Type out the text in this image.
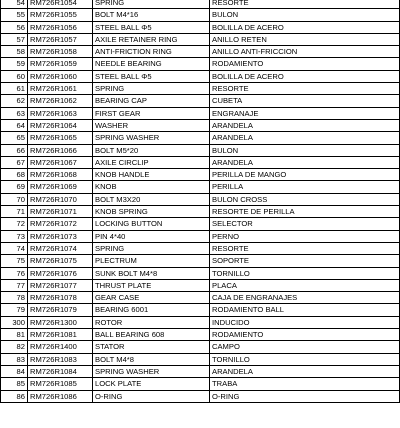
54	RM726R1054	SPRING	RESORTE
55	RM726R1055	BOLT M4*16	BULON
56	RM726R1056	STEEL BALL Φ5	BOLILLA DE ACERO
57	RM726R1057	AXILE RETAINER RING	ANILLO RETEN
58	RM726R1058	ANTI-FRICTION RING	ANILLO ANTI-FRICCION
59	RM726R1059	NEEDLE BEARING	RODAMIENTO
60	RM726R1060	STEEL BALL Φ5	BOLILLA DE ACERO
61	RM726R1061	SPRING	RESORTE
62	RM726R1062	BEARING CAP	CUBETA
63	RM726R1063	FIRST GEAR	ENGRANAJE
64	RM726R1064	WASHER	ARANDELA
65	RM726R1065	SPRING WASHER	ARANDELA
66	RM726R1066	BOLT M5*20	BULON
67	RM726R1067	AXILE CIRCLIP	ARANDELA
68	RM726R1068	KNOB HANDLE	PERILLA DE MANGO
69	RM726R1069	KNOB	PERILLA
70	RM726R1070	BOLT M3X20	BULON CROSS
71	RM726R1071	KNOB SPRING	RESORTE DE PERILLA
72	RM726R1072	LOCKING BUTTON	SELECTOR
73	RM726R1073	PIN 4*40	PERNO
74	RM726R1074	SPRING	RESORTE
75	RM726R1075	PLECTRUM	SOPORTE
76	RM726R1076	SUNK BOLT M4*8	TORNILLO
77	RM726R1077	THRUST PLATE	PLACA
78	RM726R1078	GEAR CASE	CAJA DE ENGRANAJES
79	RM726R1079	BEARING 6001	RODAMIENTO BALL
300	RM726R1300	ROTOR	INDUCIDO
81	RM726R1081	BALL BEARING 608	RODAMIENTO
82	RM726R1400	STATOR	CAMPO
83	RM726R1083	BOLT M4*8	TORNILLO
84	RM726R1084	SPRING WASHER	ARANDELA
85	RM726R1085	LOCK PLATE	TRABA
86	RM726R1086	O-RING	O-RING
